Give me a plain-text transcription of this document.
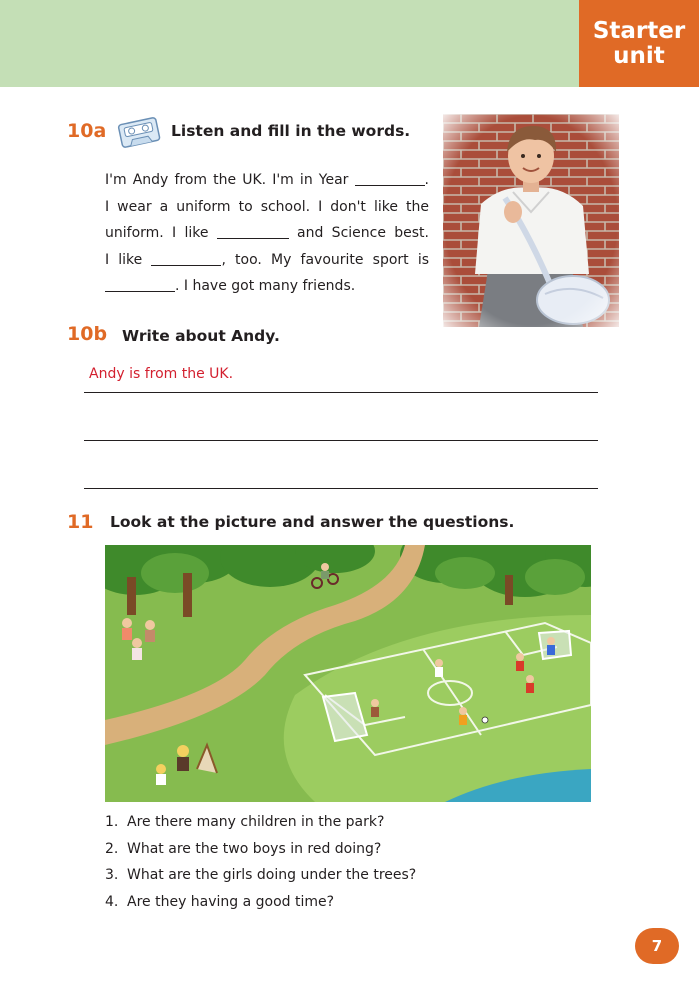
Starter
unit
10a	Listen and fill in the words.
I'm Andy from the UK. I'm in Year	.
I wear a uniform to school. I don't like the
uniform. I like	and Science best.
I like	, too. My favourite sport is
. I have got many friends.
10b Write about Andy.
Andy is from the UK.
11 Look at the picture and answer the questions.
1. Are there many children in the park?
2. What are the two boys in red doing?
3. What are the girls doing under the trees?
4. Are they having a good time?
7
